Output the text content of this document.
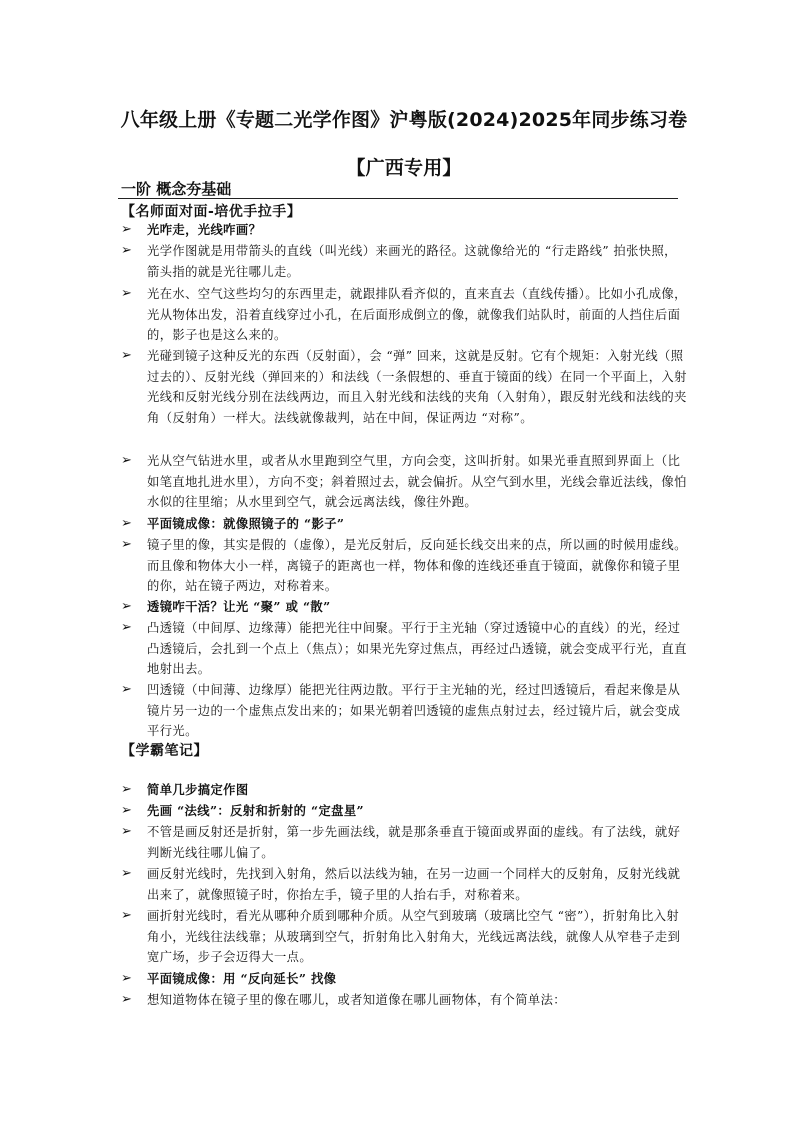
八年级上册《专题二光学作图》沪粤版(2024)2025年同步练习卷【广西专用】
一阶 概念夯基础
【名师面对面-培优手拉手】
➢	光咋走，光线咋画？
➢	光学作图就是用带箭头的直线（叫光线）来画光的路径。这就像给光的 “行走路线” 拍张快照，箭头指的就是光往哪儿走。
➢	光在水、空气这些均匀的东西里走，就跟排队看齐似的，直来直去（直线传播）。比如小孔成像，光从物体出发，沿着直线穿过小孔，在后面形成倒立的像，就像我们站队时，前面的人挡住后面的，影子也是这么来的。
➢	光碰到镜子这种反光的东西（反射面），会 “弹” 回来，这就是反射。它有个规矩：入射光线（照过去的）、反射光线（弹回来的）和法线（一条假想的、垂直于镜面的线）在同一个平面上，入射光线和反射光线分别在法线两边，而且入射光线和法线的夹角（入射角），跟反射光线和法线的夹角（反射角）一样大。法线就像裁判，站在中间，保证两边 “对称”。
➢	光从空气钻进水里，或者从水里跑到空气里，方向会变，这叫折射。如果光垂直照到界面上（比如笔直地扎进水里），方向不变；斜着照过去，就会偏折。从空气到水里，光线会靠近法线，像怕水似的往里缩；从水里到空气，就会远离法线，像往外跑。
➢	平面镜成像：就像照镜子的 “影子”
➢	镜子里的像，其实是假的（虚像），是光反射后，反向延长线交出来的点，所以画的时候用虚线。而且像和物体大小一样，离镜子的距离也一样，物体和像的连线还垂直于镜面，就像你和镜子里的你，站在镜子两边，对称着来。
➢	透镜咋干活？让光 “聚” 或 “散”
➢	凸透镜（中间厚、边缘薄）能把光往中间聚。平行于主光轴（穿过透镜中心的直线）的光，经过凸透镜后，会扎到一个点上（焦点）；如果光先穿过焦点，再经过凸透镜，就会变成平行光，直直地射出去。
➢	凹透镜（中间薄、边缘厚）能把光往两边散。平行于主光轴的光，经过凹透镜后，看起来像是从镜片另一边的一个虚焦点发出来的；如果光朝着凹透镜的虚焦点射过去，经过镜片后，就会变成平行光。
【学霸笔记】
➢	简单几步搞定作图
➢	先画 “法线”：反射和折射的 “定盘星”
➢	不管是画反射还是折射，第一步先画法线，就是那条垂直于镜面或界面的虚线。有了法线，就好判断光线往哪儿偏了。
➢	画反射光线时，先找到入射角，然后以法线为轴，在另一边画一个同样大的反射角，反射光线就出来了，就像照镜子时，你抬左手，镜子里的人抬右手，对称着来。
➢	画折射光线时，看光从哪种介质到哪种介质。从空气到玻璃（玻璃比空气 “密”），折射角比入射角小，光线往法线靠；从玻璃到空气，折射角比入射角大，光线远离法线，就像人从窄巷子走到宽广场，步子会迈得大一点。
➢	平面镜成像：用 “反向延长” 找像
➢	想知道物体在镜子里的像在哪儿，或者知道像在哪儿画物体，有个简单法：
